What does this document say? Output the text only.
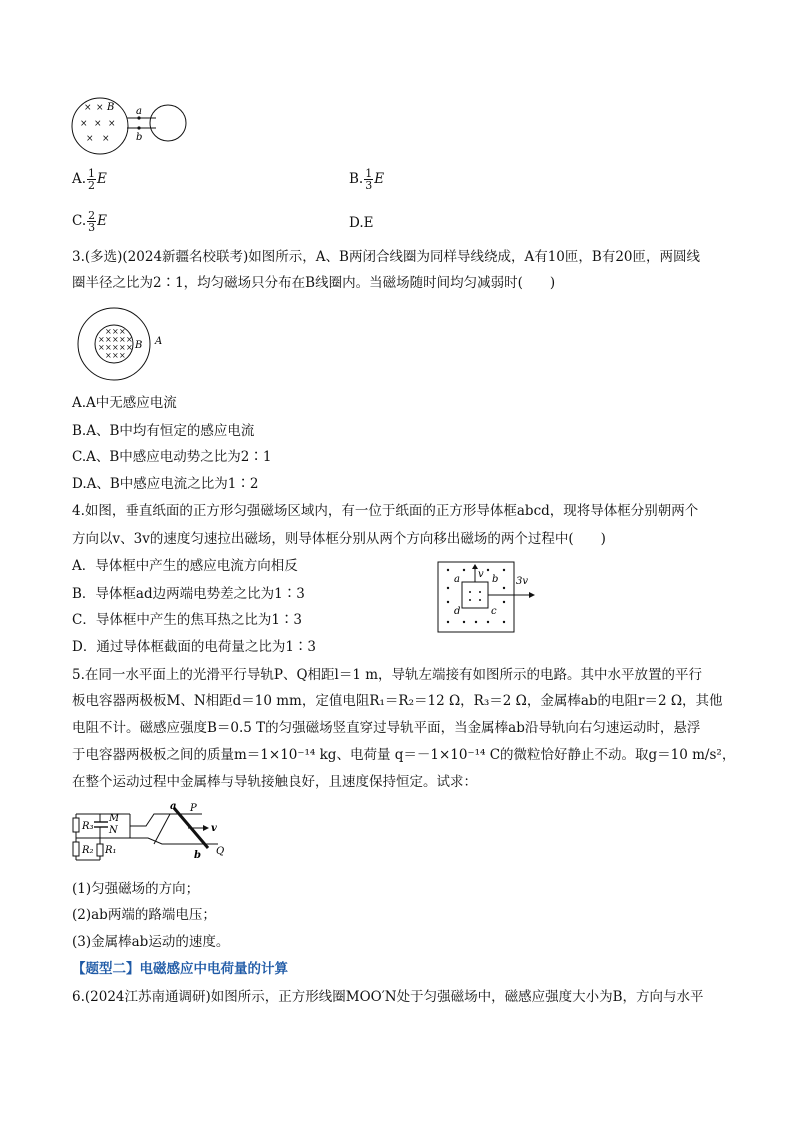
× ×
× × ×
× ×
B a
b
A. $\frac{1}{2}$ E	B. $\frac{1}{3}$ E
C. $\frac{2}{3}$ E	D.E
3.(多选)(2024新疆名校联考)如图所示，A、B两闭合线圈为同样导线绕成，A有10匝，B有20匝，两圆线
圈半径之比为2∶1，均匀磁场只分布在B线圈内。当磁场随时间均匀减弱时(　　)
× × ×
× × × × ×
× × × × ×
× × ×
B A
A.A中无感应电流
B.A、B中均有恒定的感应电流
C.A、B中感应电动势之比为2∶1
D.A、B中感应电流之比为1∶2
4.如图，垂直纸面的正方形匀强磁场区域内，有一位于纸面的正方形导体框abcd，现将导体框分别朝两个
方向以v、3v的速度匀速拉出磁场，则导体框分别从两个方向移出磁场的两个过程中(　　)
A．导体框中产生的感应电流方向相反
B．导体框ad边两端电势差之比为1∶3
C．导体框中产生的焦耳热之比为1∶3
D．通过导体框截面的电荷量之比为1∶3
a v b 3v
d	c
5.在同一水平面上的光滑平行导轨P、Q相距l＝1 m，导轨左端接有如图所示的电路。其中水平放置的平行
板电容器两极板M、N相距d＝10 mm，定值电阻R₁＝R₂＝12 Ω，R₃＝2 Ω，金属棒ab的电阻r＝2 Ω，其他
电阻不计。磁感应强度B＝0.5 T的匀强磁场竖直穿过导轨平面，当金属棒ab沿导轨向右匀速运动时，悬浮
于电容器两极板之间的质量m＝1×10⁻¹⁴ kg、电荷量 q＝－1×10⁻¹⁴ C的微粒恰好静止不动。取g＝10 m/s²，
在整个运动过程中金属棒与导轨接触良好，且速度保持恒定。试求：
R₃
R₂ R₁
M
N
a P
v
b Q
(1)匀强磁场的方向；
(2)ab两端的路端电压；
(3)金属棒ab运动的速度。
【题型二】电磁感应中电荷量的计算
6.(2024江苏南通调研)如图所示，正方形线圈MOO′N处于匀强磁场中，磁感应强度大小为B，方向与水平
